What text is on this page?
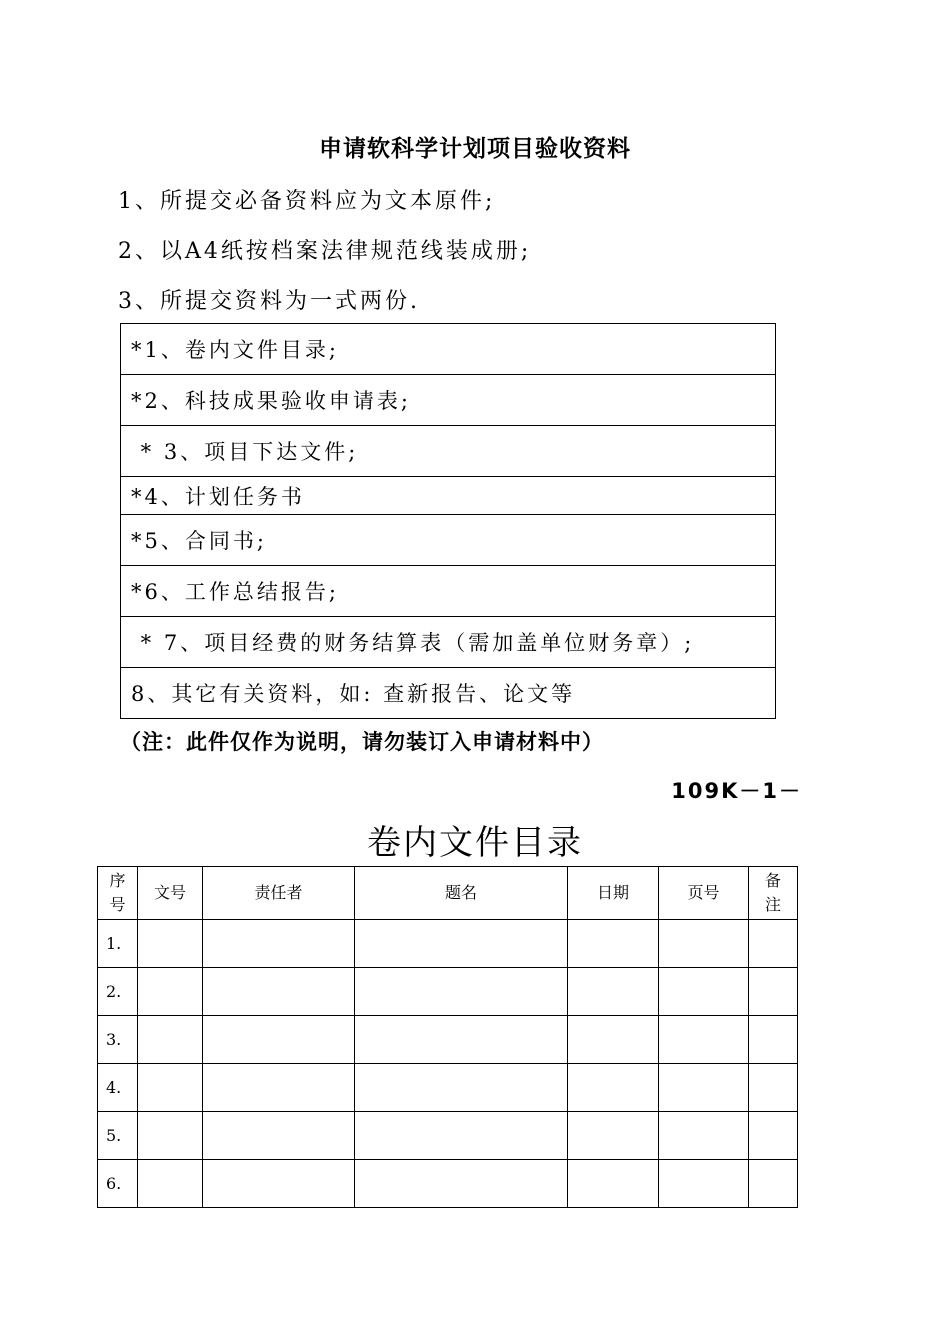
申请软科学计划项目验收资料
1、所提交必备资料应为文本原件;
2、以A4纸按档案法律规范线装成册;
3、所提交资料为一式两份.
*1、卷内文件目录;
*2、科技成果验收申请表;
* 3、项目下达文件;
*4、计划任务书
*5、合同书;
*6、工作总结报告;
* 7、项目经费的财务结算表（需加盖单位财务章）;
8、其它有关资料，如: 查新报告、论文等
（注：此件仅作为说明，请勿装订入申请材料中）
109K－1－
卷内文件目录
序号	文号	责任者	题名	日期	页号	备注
1.						
2.						
3.						
4.						
5.						
6.						
